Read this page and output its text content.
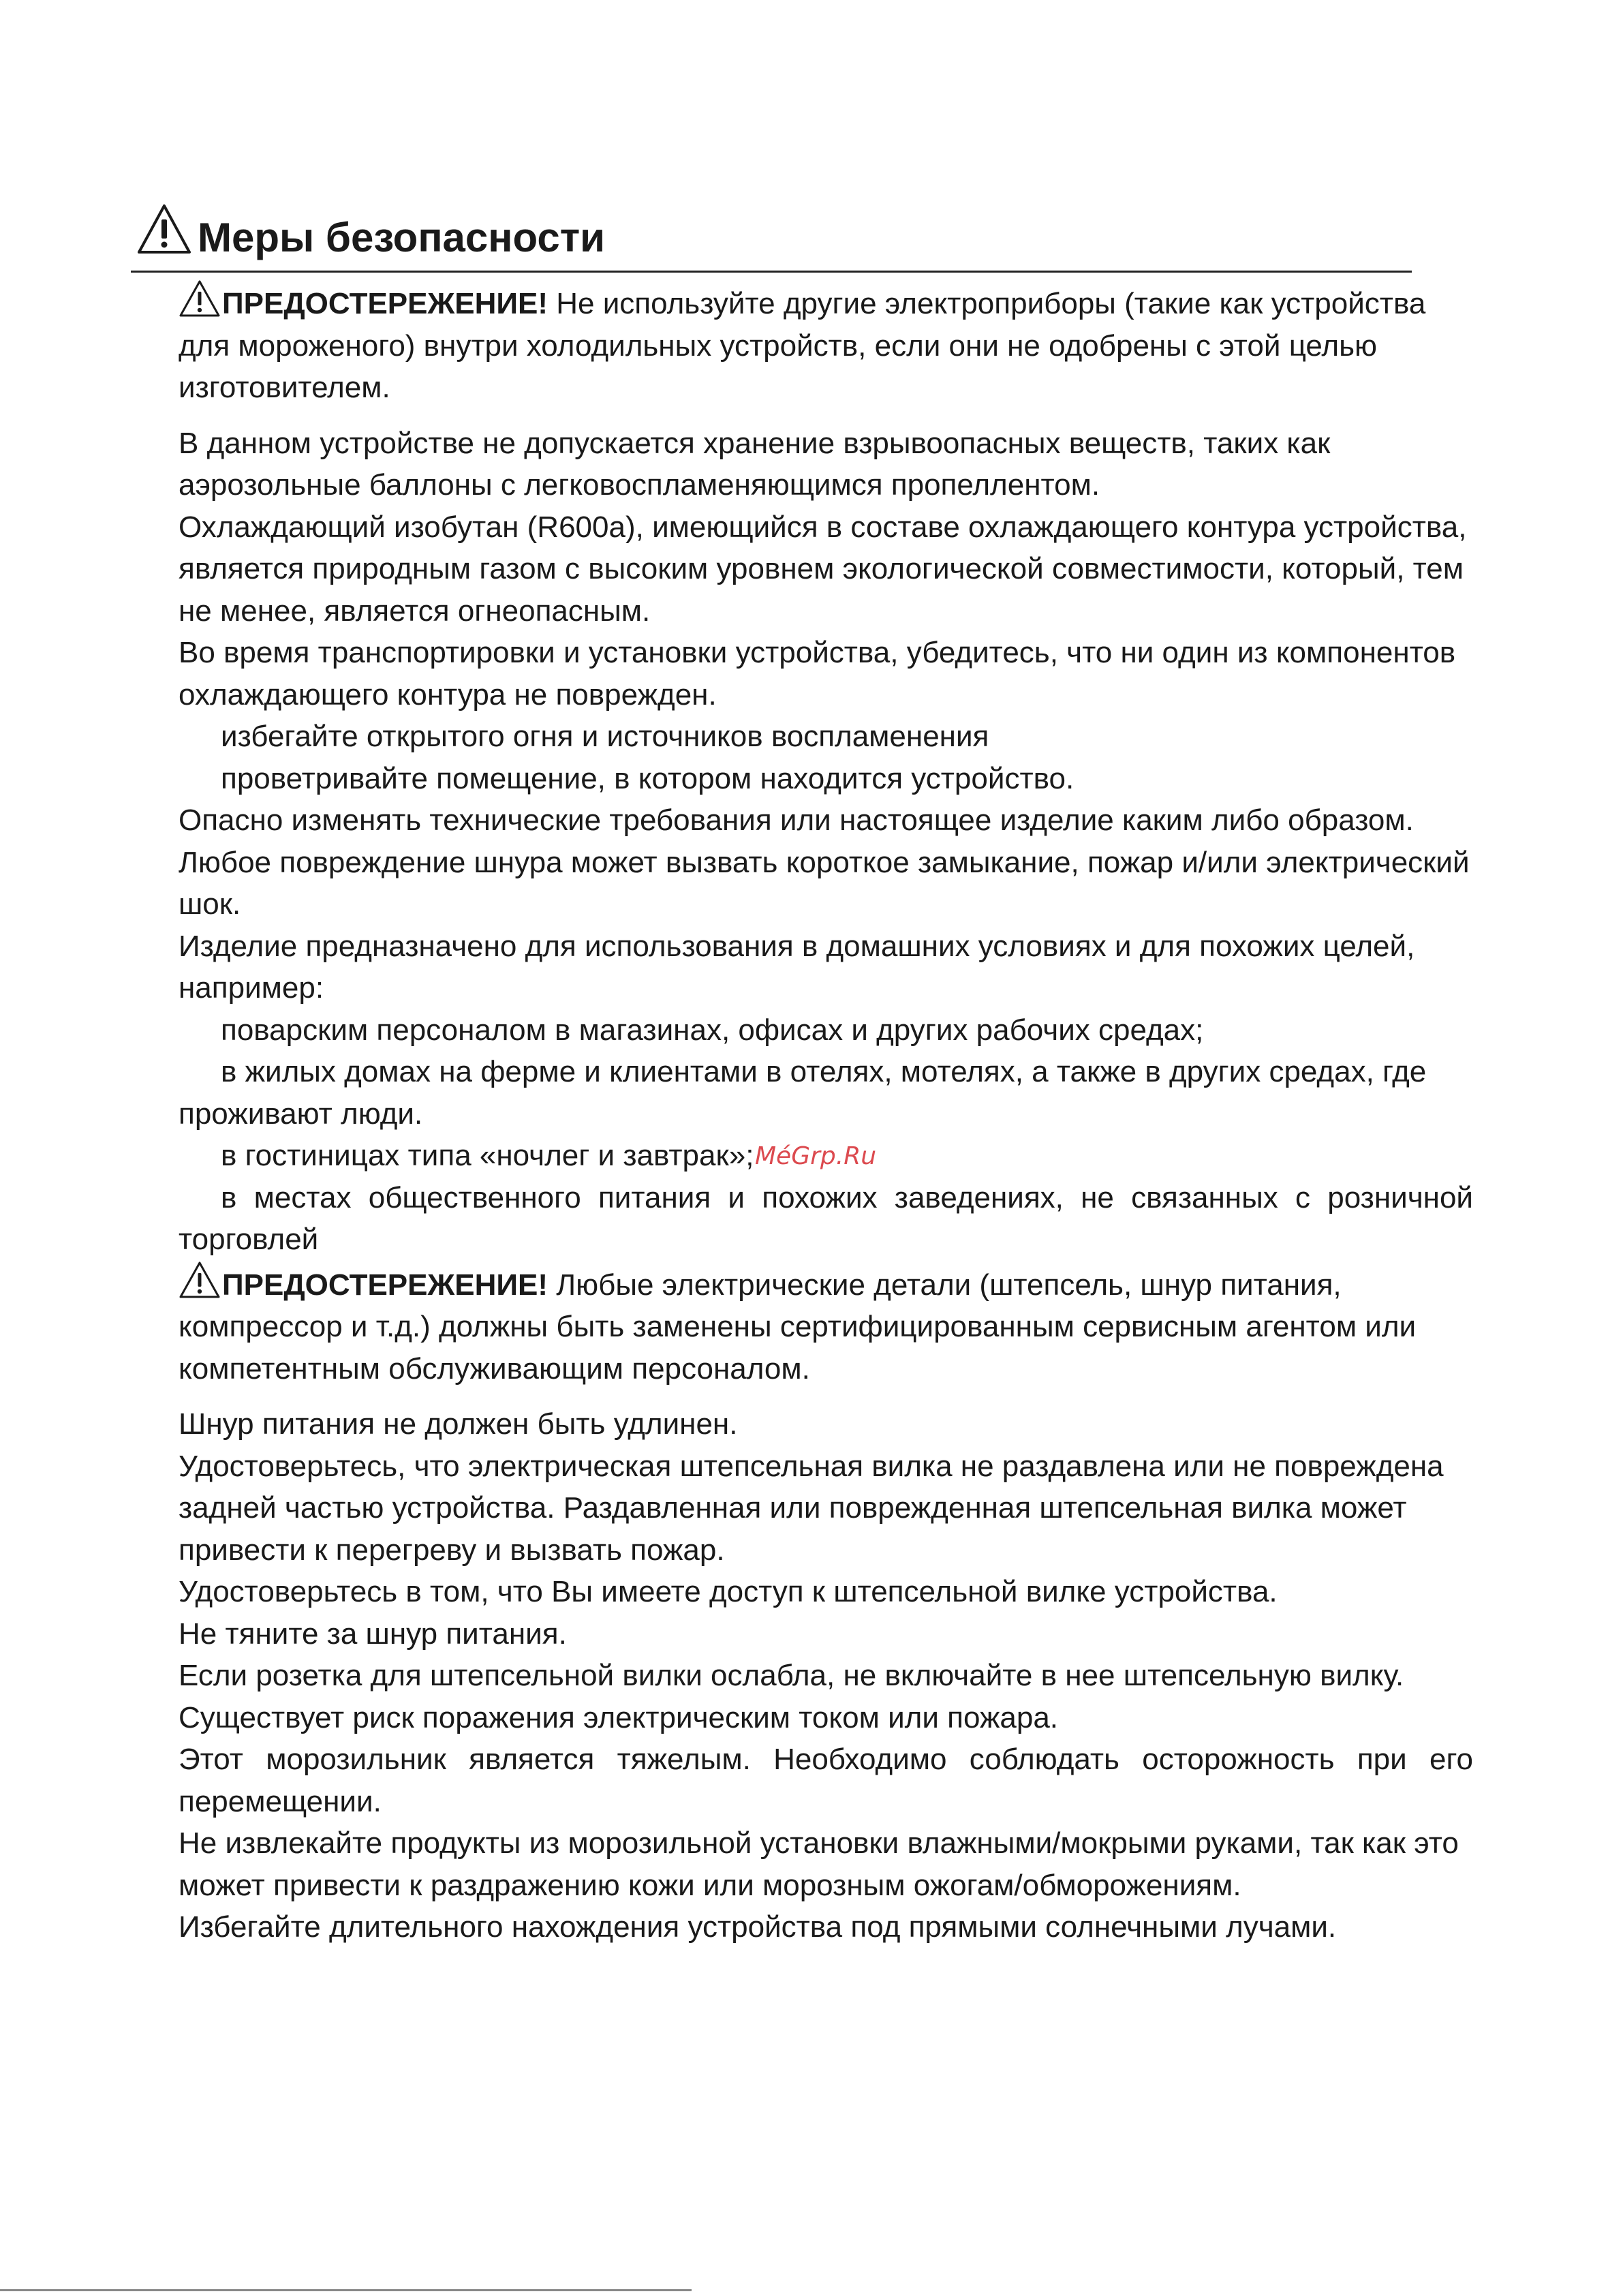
Меры безопасности

ПРЕДОСТЕРЕЖЕНИЕ! Не используйте другие электроприборы (такие как устройства для мороженого) внутри холодильных устройств, если они не одобрены с этой целью изготовителем.

В данном устройстве не допускается хранение взрывоопасных веществ, таких как аэрозольные баллоны с легковоспламеняющимся пропеллентом.

Охлаждающий изобутан (R600a), имеющийся в составе охлаждающего контура устройства, является природным газом с высоким уровнем экологической совместимости, который, тем не менее, является огнеопасным.

Во время транспортировки и установки устройства, убедитесь, что ни один из компонентов охлаждающего контура не поврежден.

избегайте открытого огня и источников воспламенения

проветривайте помещение, в котором находится устройство.

Опасно изменять технические требования или настоящее изделие каким либо образом. Любое повреждение шнура может вызвать короткое замыкание, пожар и/или электрический шок.

Изделие предназначено для использования в домашних условиях и для похожих целей, например:

поварским персоналом в магазинах, офисах и других рабочих средах;

в жилых домах на ферме и клиентами в отелях, мотелях, а также в других средах, где проживают люди.

в гостиницах типа «ночлег и завтрак»;

в местах общественного питания и похожих заведениях, не связанных с розничной торговлей

ПРЕДОСТЕРЕЖЕНИЕ! Любые электрические детали (штепсель, шнур питания, компрессор и т.д.) должны быть заменены сертифицированным сервисным агентом или компетентным обслуживающим персоналом.

Шнур питания не должен быть удлинен.

Удостоверьтесь, что электрическая штепсельная вилка не раздавлена или не повреждена задней частью устройства. Раздавленная или поврежденная штепсельная вилка может привести к перегреву и вызвать пожар.

Удостоверьтесь в том, что Вы имеете доступ к штепсельной вилке устройства.

Не тяните за шнур питания.

Если розетка для штепсельной вилки ослабла, не включайте в нее штепсельную вилку. Существует риск поражения электрическим током или пожара.

Этот морозильник является тяжелым. Необходимо соблюдать осторожность при его перемещении.

Не извлекайте продукты из морозильной установки влажными/мокрыми руками, так как это может привести к раздражению кожи или морозным ожогам/обморожениям.

Избегайте длительного нахождения устройства под прямыми солнечными лучами.

MéGrp.Ru
